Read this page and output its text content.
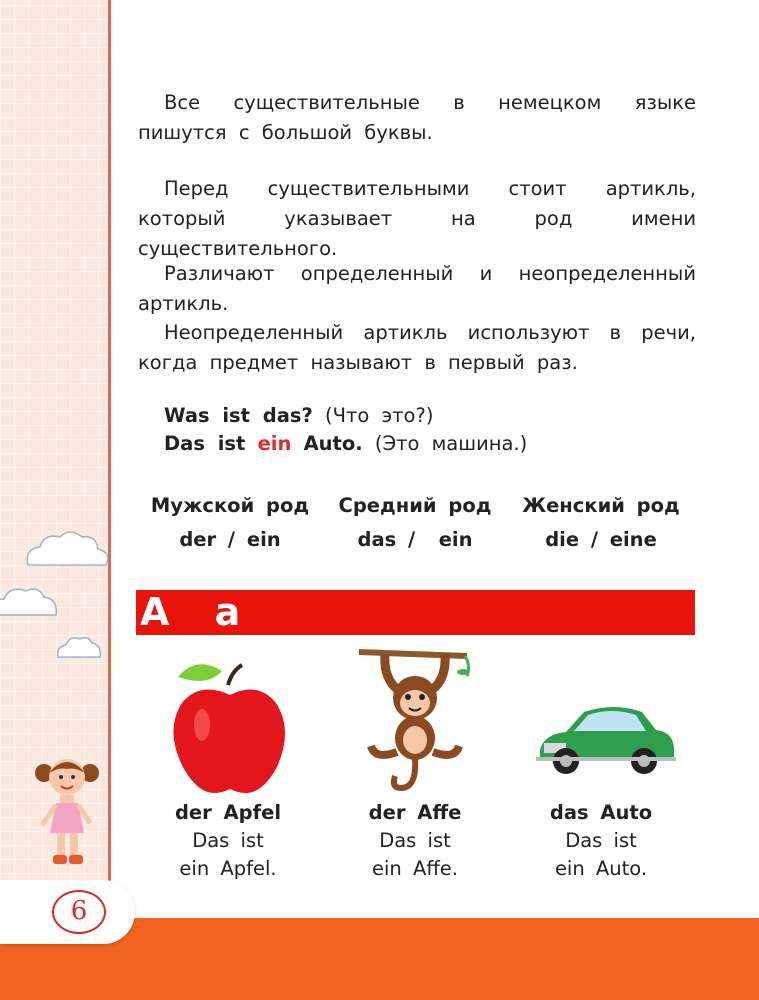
Все существительные в немецком языке пишутся с большой буквы.
Перед существительными стоит артикль, который указывает на род имени существительного.
Различают определенный и неопределенный артикль.
Неопределенный артикль используют в речи, когда предмет называют в первый раз.
Was ist das? (Что это?)
Das ist ein Auto. (Это машина.)
Мужской род	Средний род	Женский род
der / ein	das /  ein	die / eine
A a
der Apfel
Das ist
ein Apfel.
der Affe
Das ist
ein Affe.
das Auto
Das ist
ein Auto.
6
